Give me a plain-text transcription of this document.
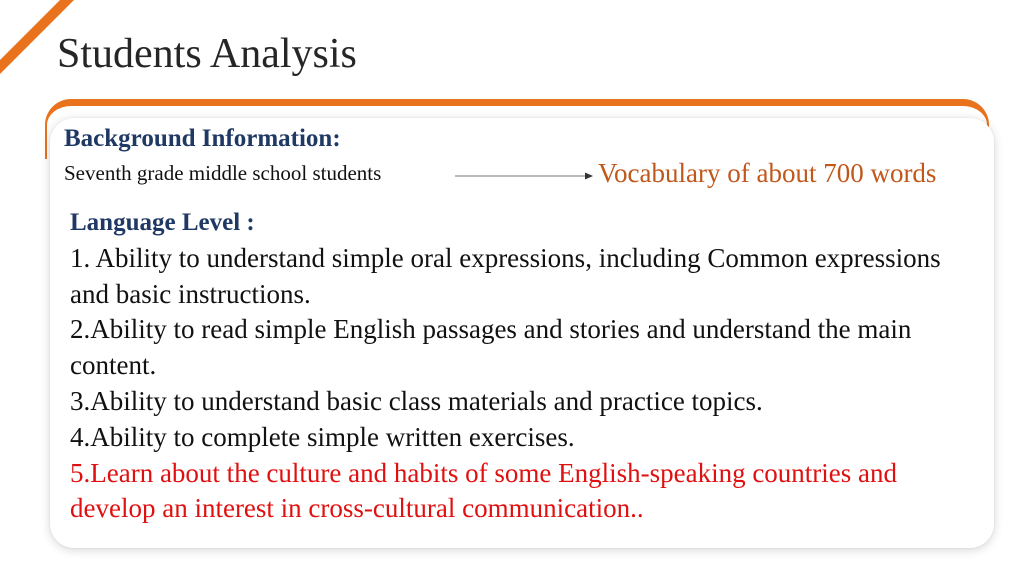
Students Analysis
Background Information:
Seventh grade middle school students	Vocabulary of about 700 words
Language Level :

1. Ability to understand simple oral expressions, including Common expressions and basic instructions.

2.Ability to read simple English passages and stories and understand the main content.

3.Ability to understand basic class materials and practice topics.

4.Ability to complete simple written exercises.

5.Learn about the culture and habits of some English-speaking countries and develop an interest in cross-cultural communication..
